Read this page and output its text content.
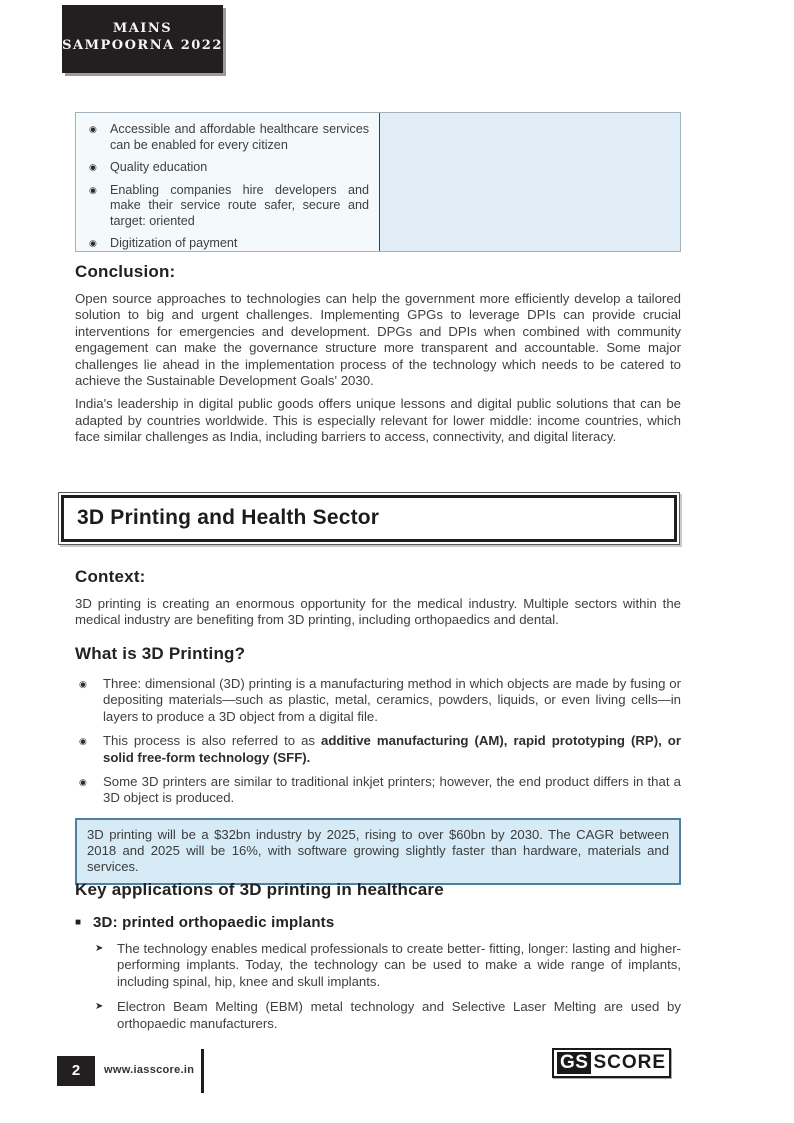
MAINS
SAMPOORNA 2022
◉	Accessible and affordable healthcare services can be enabled for every citizen
◉	Quality education
◉	Enabling companies hire developers and make their service route safer, secure and target: oriented
◉	Digitization of payment
Conclusion:

Open source approaches to technologies can help the government more efficiently develop a tailored solution to big and urgent challenges. Implementing GPGs to leverage DPIs can provide crucial interventions for emergencies and development. DPGs and DPIs when combined with community engagement can make the governance structure more transparent and accountable. Some major challenges lie ahead in the implementation process of the technology which needs to be catered to achieve the Sustainable Development Goals' 2030.

India's leadership in digital public goods offers unique lessons and digital public solutions that can be adapted by countries worldwide. This is especially relevant for lower middle: income countries, which face similar challenges as India, including barriers to access, connectivity, and digital literacy.

3D Printing and Health Sector
Context:

3D printing is creating an enormous opportunity for the medical industry. Multiple sectors within the medical industry are benefiting from 3D printing, including orthopaedics and dental.

What is 3D Printing?
◉	Three: dimensional (3D) printing is a manufacturing method in which objects are made by fusing or depositing materials—such as plastic, metal, ceramics, powders, liquids, or even living cells—in layers to produce a 3D object from a digital file.
◉	This process is also referred to as additive manufacturing (AM), rapid prototyping (RP), or solid free-form technology (SFF).
◉	Some 3D printers are similar to traditional inkjet printers; however, the end product differs in that a 3D object is produced.
3D printing will be a $32bn industry by 2025, rising to over $60bn by 2030. The CAGR between 2018 and 2025 will be 16%, with software growing slightly faster than hardware, materials and services.
Key applications of 3D printing in healthcare
■ 3D: printed orthopaedic implants
➤	The technology enables medical professionals to create better- fitting, longer: lasting and higher-performing implants. Today, the technology can be used to make a wide range of implants, including spinal, hip, knee and skull implants.
➤	Electron Beam Melting (EBM) metal technology and Selective Laser Melting are used by orthopaedic manufacturers.
2	www.iasscore.in	GS SCORE
